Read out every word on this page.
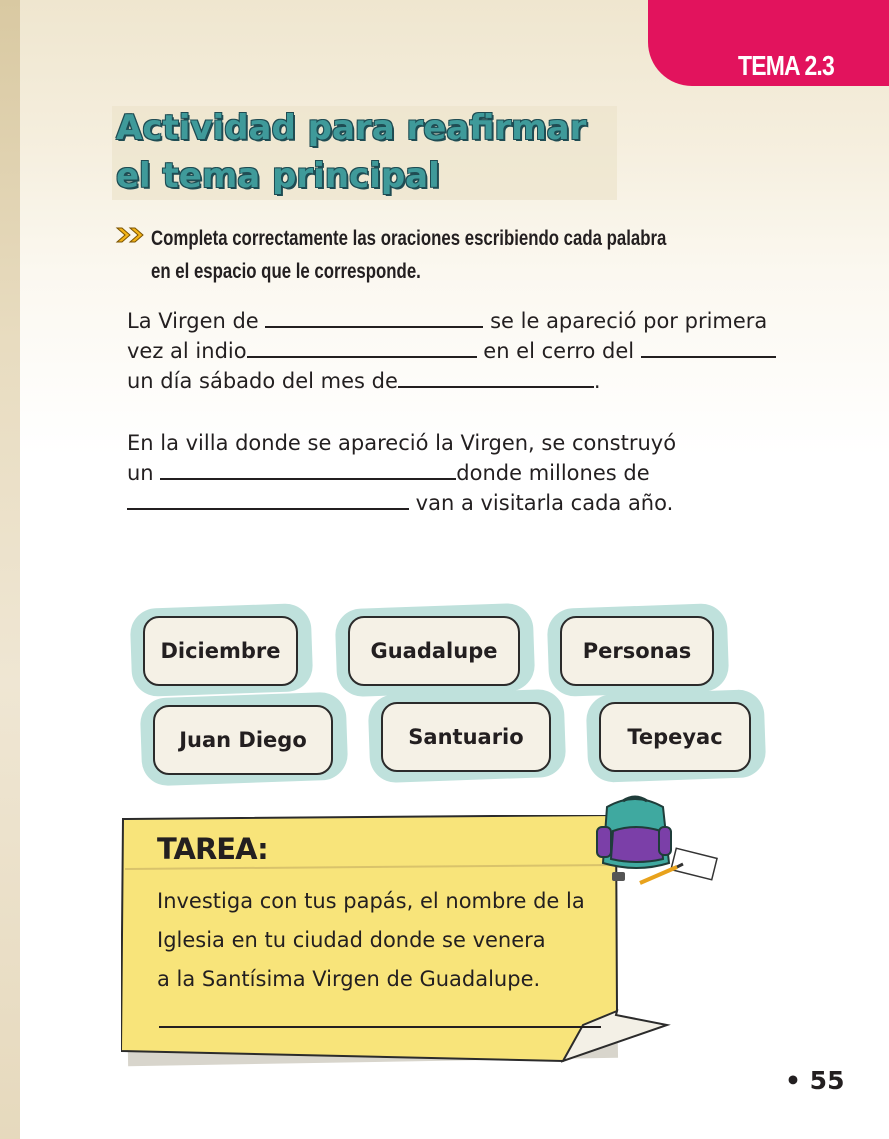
TEMA 2.3
Actividad para reafirmar
el tema principal
Completa correctamente las oraciones escribiendo cada palabra
en el espacio que le corresponde.
La Virgen de	se le apareció por primera
vez al indio	en el cerro del
un día sábado del mes de	.
En la villa donde se apareció la Virgen, se construyó
un	donde millones de
van a visitarla cada año.
Diciembre	Guadalupe	Personas
Juan Diego	Santuario	Tepeyac
TAREA:
Investiga con tus papás, el nombre de la
Iglesia en tu ciudad donde se venera
a la Santísima Virgen de Guadalupe.
• 55
